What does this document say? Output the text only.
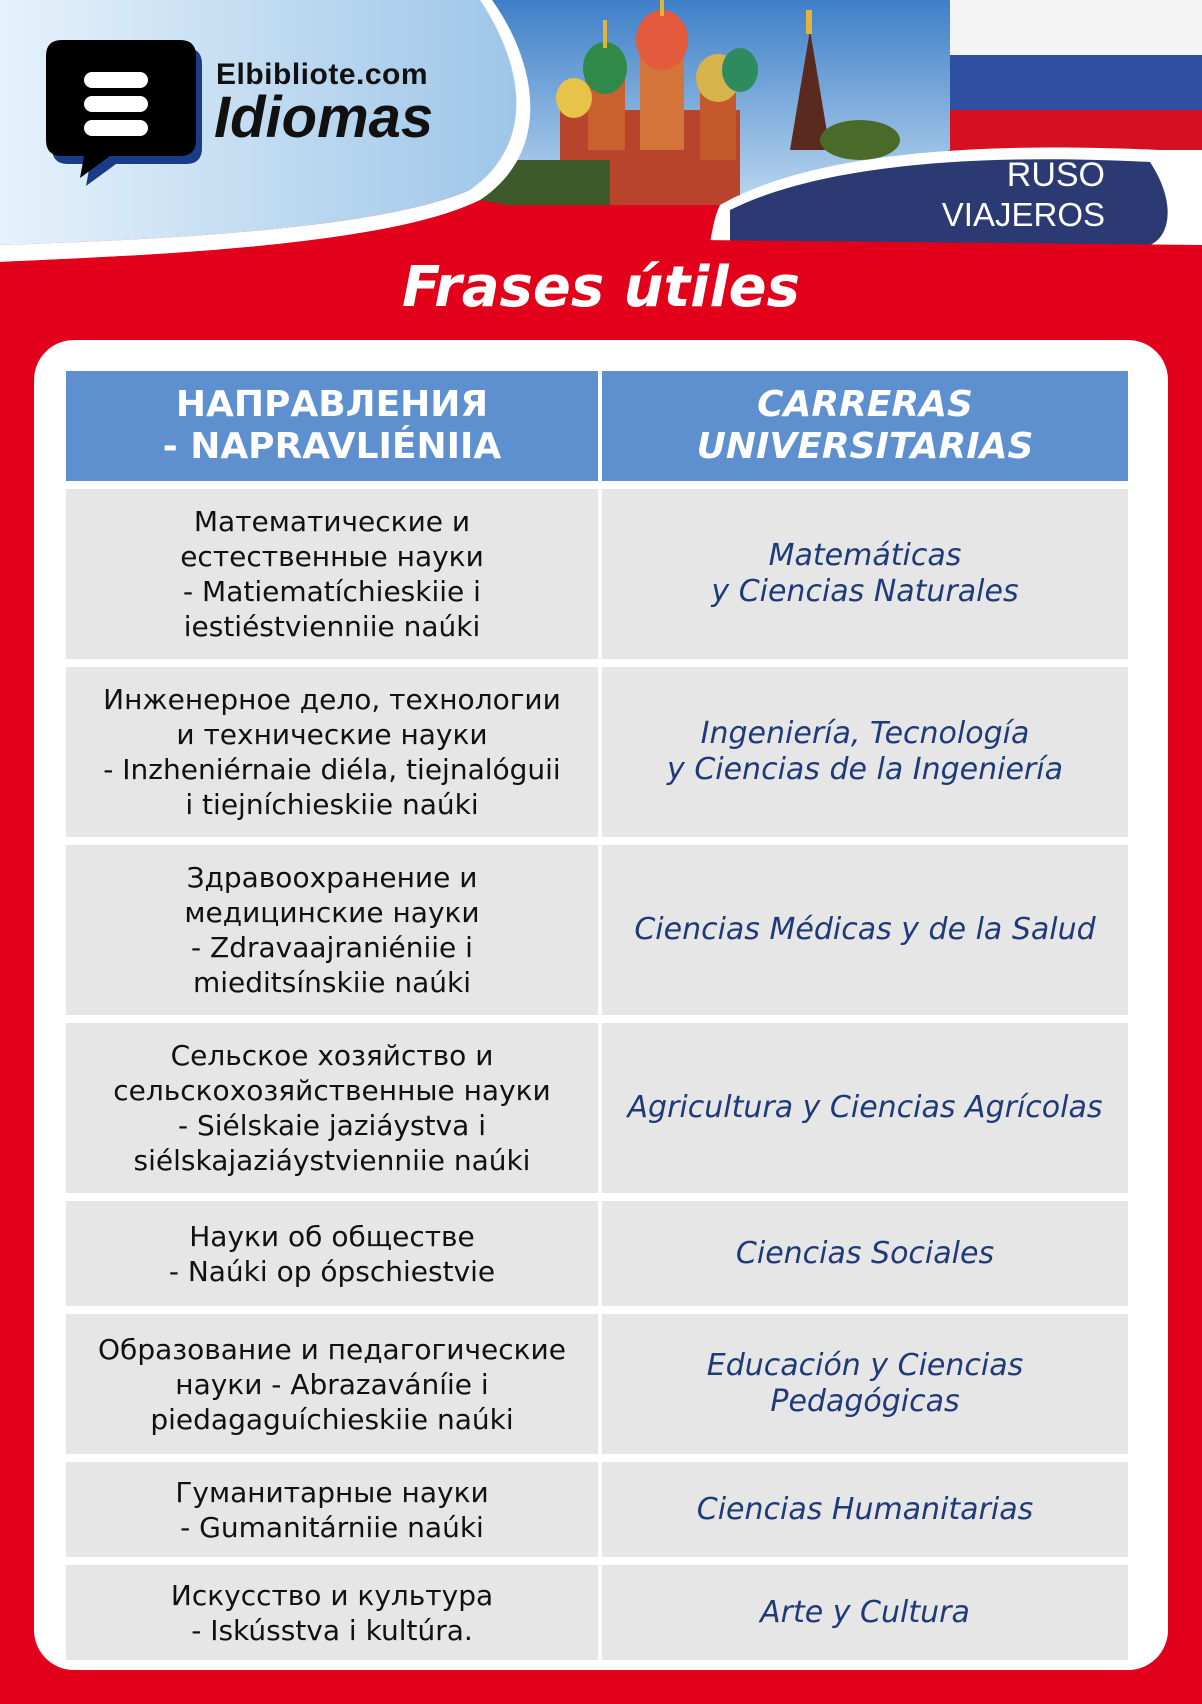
Elbibliote.com
Idiomas
RUSO
VIAJEROS
Frases útiles
НАПРАВЛЕНИЯ
- NAPRAVLIÉNIIA	CARRERAS
UNIVERSITARIAS
Математические и
естественные науки
- Matiematíchieskiie i
iestiéstvienniie naúki	Matemáticas
y Ciencias Naturales
Инженерное дело, технологии
и технические науки
- Inzheniérnaie diéla, tiejnalóguii
i tiejníchieskiie naúki	Ingeniería, Tecnología
y Ciencias de la Ingeniería
Здравоохранение и
медицинские науки
- Zdravaajraniéniie i
mieditsínskiie naúki	Ciencias Médicas y de la Salud
Сельское хозяйство и
сельскохозяйственные науки
- Siélskaie jaziáystva i
siélskajaziáystvienniie naúki	Agricultura y Ciencias Agrícolas
Науки об обществе
- Naúki op ópschiestvie	Ciencias Sociales
Образование и педагогические
науки - Abrazaváníie i
piedagaguíchieskiie naúki	Educación y Ciencias
Pedagógicas
Гуманитарные науки
- Gumanitárniie naúki	Ciencias Humanitarias
Искусство и культура
- Iskússtva i kultúra.	Arte y Cultura
